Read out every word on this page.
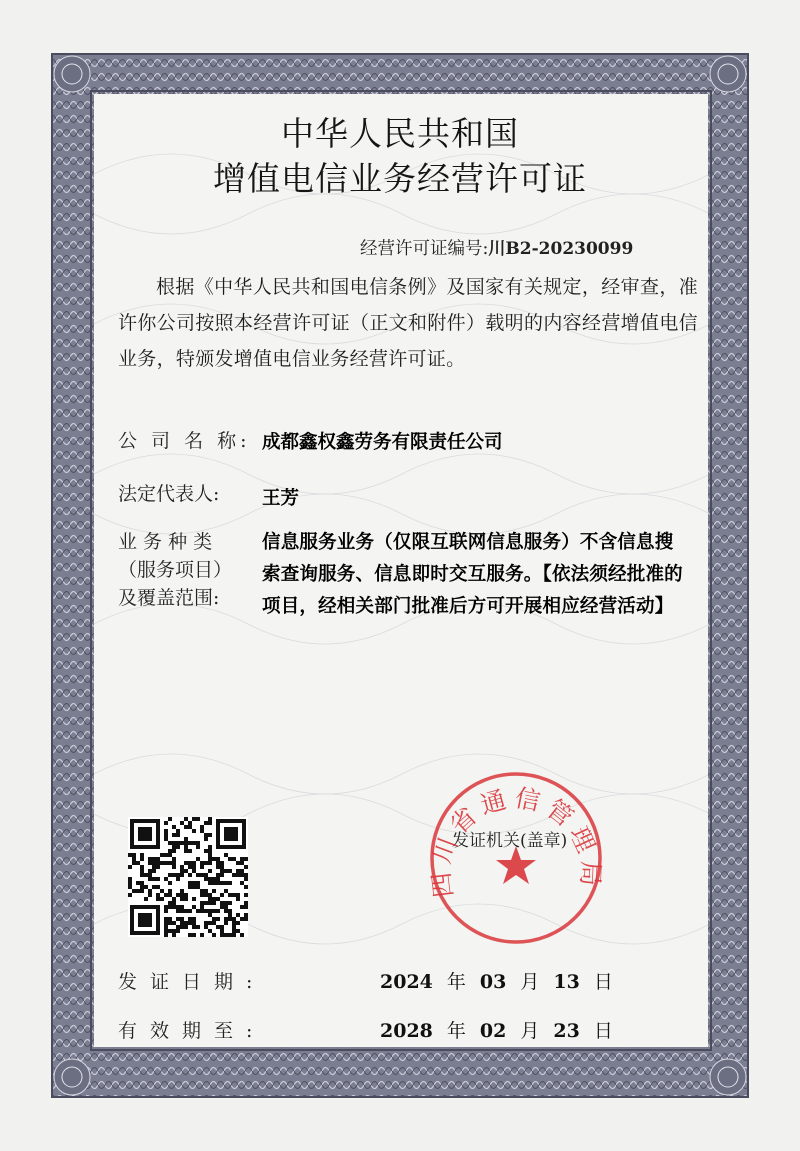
中华人民共和国
增值电信业务经营许可证
经营许可证编号:川B2-20230099
根据《中华人民共和国电信条例》及国家有关规定，经审查，准许你公司按照本经营许可证（正文和附件）载明的内容经营增值电信业务，特颁发增值电信业务经营许可证。
公 司 名 称: 成都鑫权鑫劳务有限责任公司
法定代表人: 王芳
业 务 种 类
（服务项目）
及覆盖范围:
信息服务业务（仅限互联网信息服务）不含信息搜索查询服务、信息即时交互服务。【依法须经批准的项目，经相关部门批准后方可开展相应经营活动】
四川省通信管理局
发证机关(盖章)
发证日期:	2024 年 03 月 13 日
有效期至:	2028 年 02 月 23 日
